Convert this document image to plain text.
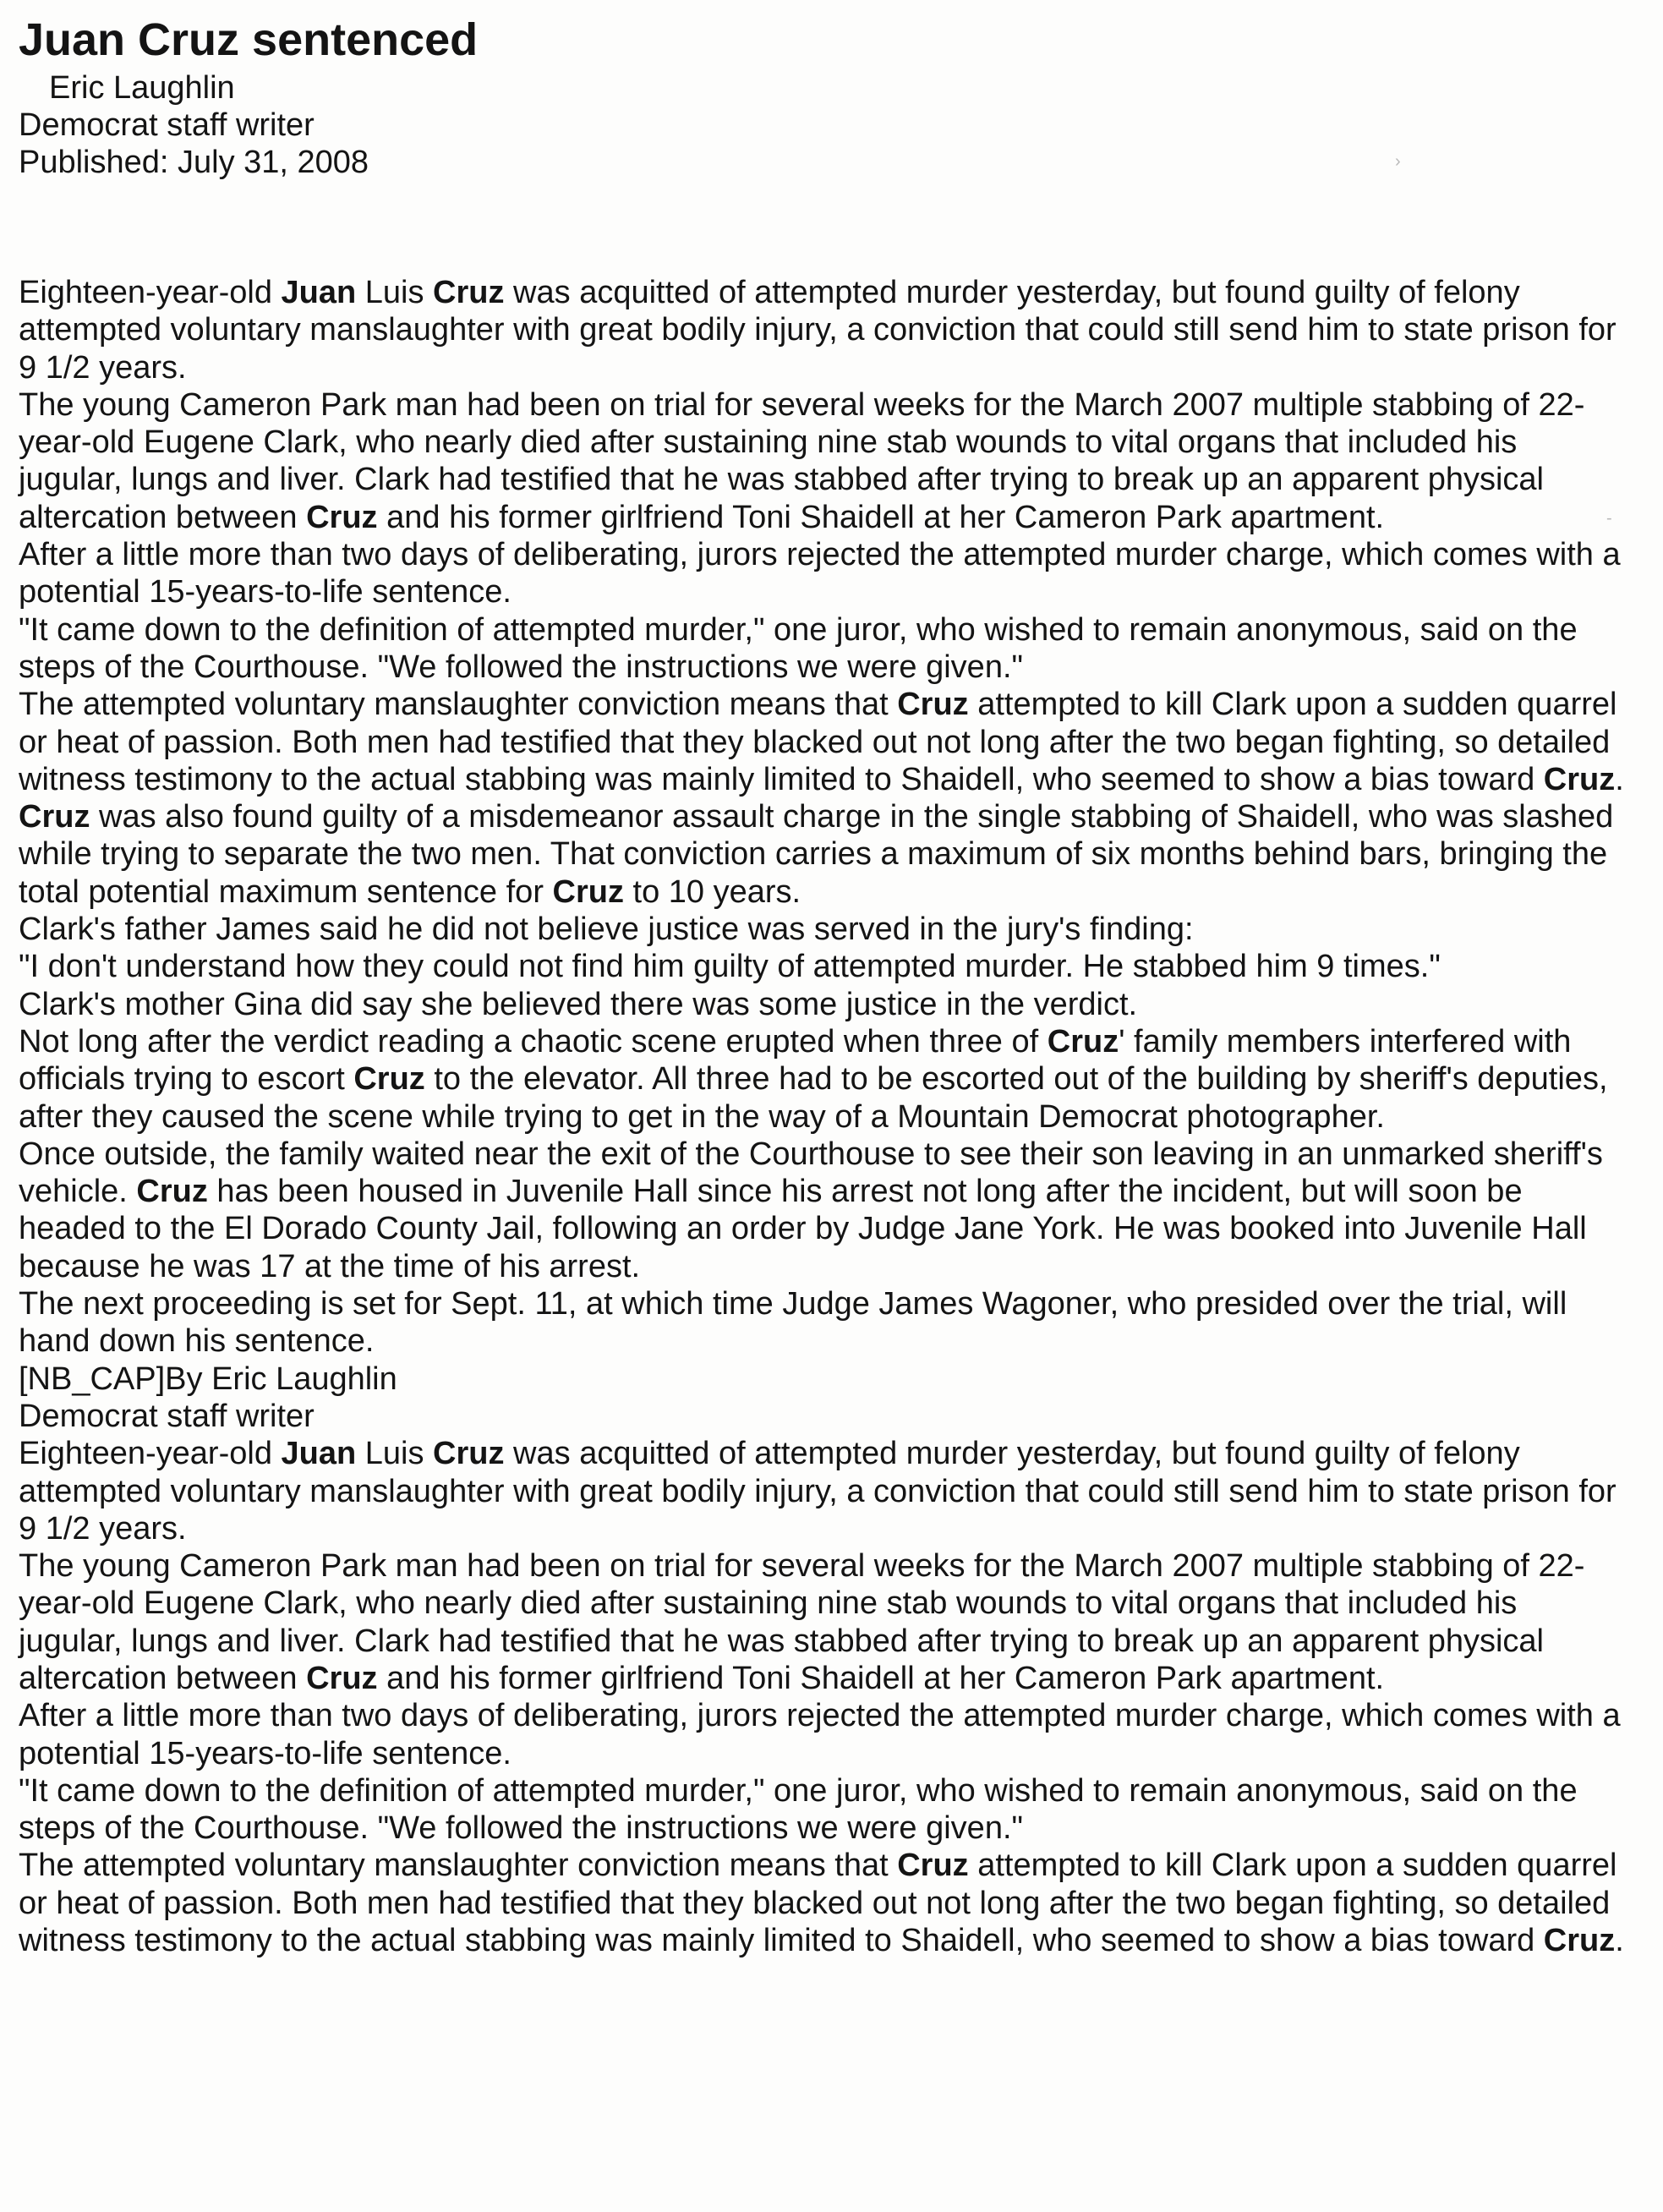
Juan Cruz sentenced
Eric Laughlin
Democrat staff writer
Published: July 31, 2008

Eighteen-year-old Juan Luis Cruz was acquitted of attempted murder yesterday, but found guilty of felony attempted voluntary manslaughter with great bodily injury, a conviction that could still send him to state prison for 9 1/2 years.

The young Cameron Park man had been on trial for several weeks for the March 2007 multiple stabbing of 22-year-old Eugene Clark, who nearly died after sustaining nine stab wounds to vital organs that included his jugular, lungs and liver. Clark had testified that he was stabbed after trying to break up an apparent physical altercation between Cruz and his former girlfriend Toni Shaidell at her Cameron Park apartment.

After a little more than two days of deliberating, jurors rejected the attempted murder charge, which comes with a potential 15-years-to-life sentence.

"It came down to the definition of attempted murder," one juror, who wished to remain anonymous, said on the steps of the Courthouse. "We followed the instructions we were given."

The attempted voluntary manslaughter conviction means that Cruz attempted to kill Clark upon a sudden quarrel or heat of passion. Both men had testified that they blacked out not long after the two began fighting, so detailed witness testimony to the actual stabbing was mainly limited to Shaidell, who seemed to show a bias toward Cruz.

Cruz was also found guilty of a misdemeanor assault charge in the single stabbing of Shaidell, who was slashed while trying to separate the two men. That conviction carries a maximum of six months behind bars, bringing the total potential maximum sentence for Cruz to 10 years.

Clark's father James said he did not believe justice was served in the jury's finding:

"I don't understand how they could not find him guilty of attempted murder. He stabbed him 9 times."

Clark's mother Gina did say she believed there was some justice in the verdict.

Not long after the verdict reading a chaotic scene erupted when three of Cruz' family members interfered with officials trying to escort Cruz to the elevator. All three had to be escorted out of the building by sheriff's deputies, after they caused the scene while trying to get in the way of a Mountain Democrat photographer.

Once outside, the family waited near the exit of the Courthouse to see their son leaving in an unmarked sheriff's vehicle. Cruz has been housed in Juvenile Hall since his arrest not long after the incident, but will soon be headed to the El Dorado County Jail, following an order by Judge Jane York. He was booked into Juvenile Hall because he was 17 at the time of his arrest.

The next proceeding is set for Sept. 11, at which time Judge James Wagoner, who presided over the trial, will hand down his sentence.

[NB_CAP]By Eric Laughlin

Democrat staff writer

Eighteen-year-old Juan Luis Cruz was acquitted of attempted murder yesterday, but found guilty of felony attempted voluntary manslaughter with great bodily injury, a conviction that could still send him to state prison for 9 1/2 years.

The young Cameron Park man had been on trial for several weeks for the March 2007 multiple stabbing of 22-year-old Eugene Clark, who nearly died after sustaining nine stab wounds to vital organs that included his jugular, lungs and liver. Clark had testified that he was stabbed after trying to break up an apparent physical altercation between Cruz and his former girlfriend Toni Shaidell at her Cameron Park apartment.

After a little more than two days of deliberating, jurors rejected the attempted murder charge, which comes with a potential 15-years-to-life sentence.

"It came down to the definition of attempted murder," one juror, who wished to remain anonymous, said on the steps of the Courthouse. "We followed the instructions we were given."

The attempted voluntary manslaughter conviction means that Cruz attempted to kill Clark upon a sudden quarrel or heat of passion. Both men had testified that they blacked out not long after the two began fighting, so detailed witness testimony to the actual stabbing was mainly limited to Shaidell, who seemed to show a bias toward Cruz.

›
-
